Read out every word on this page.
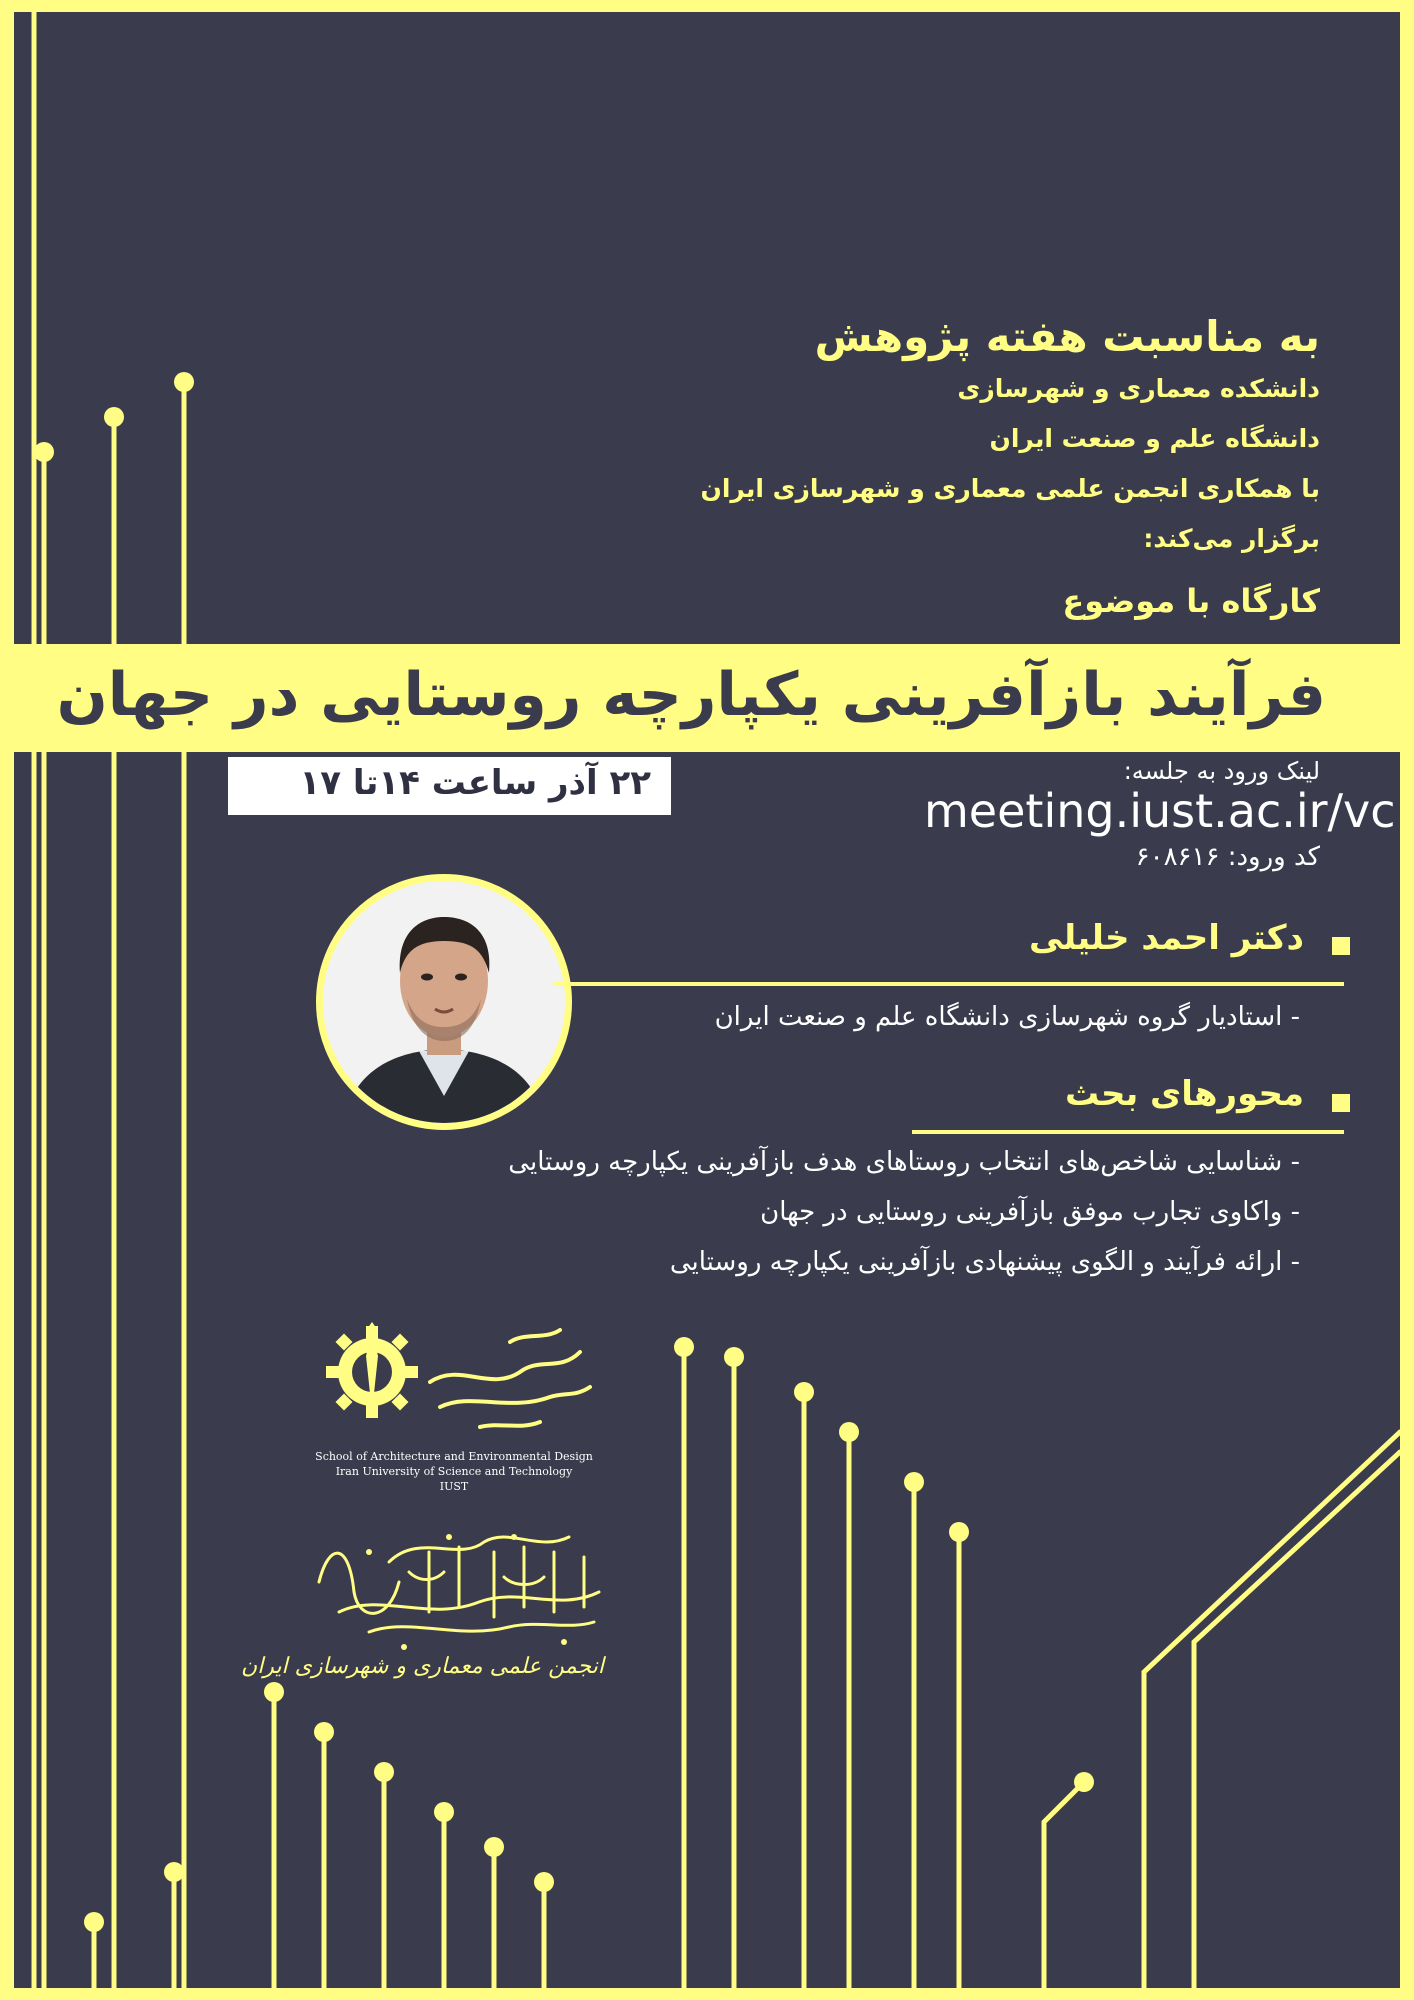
به مناسبت هفته پژوهش
دانشکده معماری و شهرسازی
دانشگاه علم و صنعت ایران
با همکاری انجمن علمی معماری و شهرسازی ایران
برگزار می‌کند:
کارگاه با موضوع
فرآیند بازآفرینی یکپارچه روستایی در جهان
۲۲ آذر ساعت ۱۴تا ۱۷	لینک ورود به جلسه:
meeting.iust.ac.ir/vc
کد ورود: ۶۰۸۶۱۶
دکتر احمد خلیلی
- استادیار گروه شهرسازی دانشگاه علم و صنعت ایران
محورهای بحث
- شناسایی شاخص‌های انتخاب روستاهای هدف بازآفرینی یکپارچه روستایی
- واکاوی تجارب موفق بازآفرینی روستایی در جهان
- ارائه فرآیند و الگوی پیشنهادی بازآفرینی یکپارچه روستایی
School of Architecture and Environmental Design
Iran University of Science and Technology
IUST
انجمن علمی معماری و شهرسازی ایران
